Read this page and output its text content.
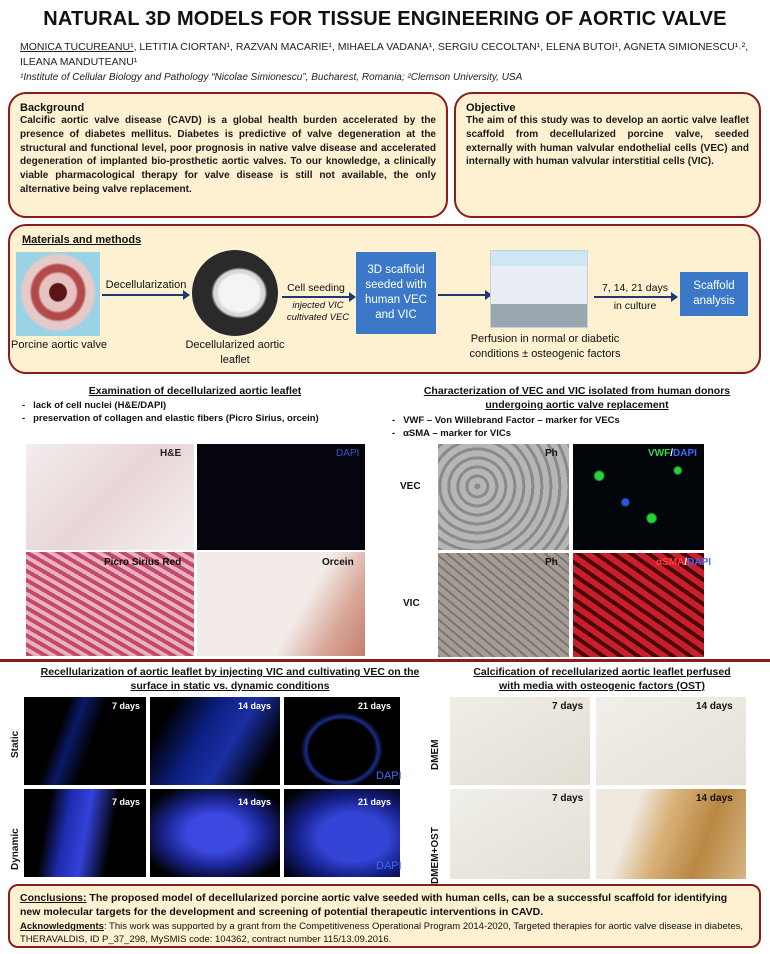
NATURAL 3D MODELS FOR TISSUE ENGINEERING OF AORTIC VALVE
MONICA TUCUREANU¹, LETITIA CIORTAN¹, RAZVAN MACARIE¹, MIHAELA VADANA¹, SERGIU CECOLTAN¹, ELENA BUTOI¹, AGNETA SIMIONESCU¹˒², ILEANA MANDUTEANU¹
¹Institute of Cellular Biology and Pathology “Nicolae Simionescu”, Bucharest, Romania; ²Clemson University, USA
Background
Calcific aortic valve disease (CAVD) is a global health burden accelerated by the presence of diabetes mellitus. Diabetes is predictive of valve degeneration at the structural and functional level, poor prognosis in native valve disease and accelerated degeneration of implanted bio-prosthetic aortic valves. To our knowledge, a clinically viable pharmacological therapy for valve disease is still not available, the only alternative being valve replacement.
Objective
The aim of this study was to develop an aortic valve leaflet scaffold from decellularized porcine valve, seeded externally with human valvular endothelial cells (VEC) and internally with human valvular interstitial cells (VIC).
Materials and methods
Porcine aortic valve
Decellularization
Decellularized aortic leaflet
Cell seeding
injected VIC
cultivated VEC
3D scaffold seeded with human VEC and VIC
Perfusion in normal or diabetic conditions ± osteogenic factors
7, 14, 21 days
in culture
Scaffold analysis
Examination of decellularized aortic leaflet
-   lack of cell nuclei (H&E/DAPI)
-   preservation of collagen and elastic fibers (Picro Sirius, orcein)
H&E	DAPI
Picro Sirius Red	Orcein
Characterization of VEC and VIC isolated from human donors
undergoing aortic valve replacement
-   VWF – Von Willebrand Factor – marker for VECs
-   αSMA – marker for VICs
VEC
VIC
Ph	VWF/DAPI
Ph	αSMA/DAPI
Recellularization of aortic leaflet by injecting VIC and cultivating VEC on the
surface in static vs. dynamic conditions
Static
Dynamic
7 days	14 days	21 days
DAPI
7 days	14 days	21 days
DAPI
Calcification of recellularized aortic leaflet perfused
with media with osteogenic factors (OST)
DMEM
DMEM+OST
7 days	14 days
7 days	14 days
Conclusions: The proposed model of decellularized porcine aortic valve seeded with human cells, can be a successful scaffold for identifying new molecular targets for the development and screening of potential therapeutic interventions in CAVD.
Acknowledgments: This work was supported by a grant from the Competitiveness Operational Program 2014-2020, Targeted therapies for aortic valve disease in diabetes, THERAVALDIS, ID P_37_298, MySMIS code: 104362, contract number 115/13.09.2016.
